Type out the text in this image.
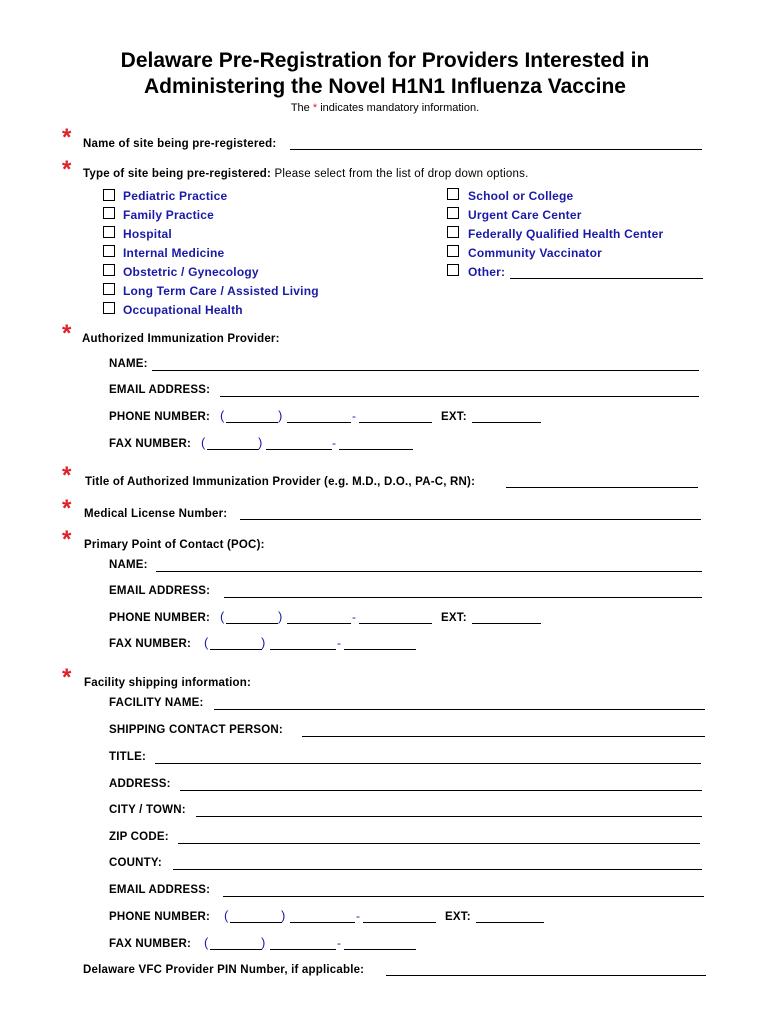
Delaware Pre-Registration for Providers Interested in
Administering the Novel H1N1 Influenza Vaccine
The * indicates mandatory information.
* Name of site being pre-registered:
* Type of site being pre-registered: Please select from the list of drop down options.
Pediatric Practice
Family Practice
Hospital
Internal Medicine
Obstetric / Gynecology
Long Term Care / Assisted Living
Occupational Health
School or College
Urgent Care Center
Federally Qualified Health Center
Community Vaccinator
Other:
* Authorized Immunization Provider:
NAME:
EMAIL ADDRESS:
PHONE NUMBER: (	)	-	EXT:
FAX NUMBER: (	)	-
* Title of Authorized Immunization Provider (e.g. M.D., D.O., PA-C, RN):
* Medical License Number:
* Primary Point of Contact (POC):
NAME:
EMAIL ADDRESS:
PHONE NUMBER: (	)	-	EXT:
FAX NUMBER: (	)	-
* Facility shipping information:
FACILITY NAME:
SHIPPING CONTACT PERSON:
TITLE:
ADDRESS:
CITY / TOWN:
ZIP CODE:
COUNTY:
EMAIL ADDRESS:
PHONE NUMBER: (	)	-	EXT:
FAX NUMBER: (	)	-
Delaware VFC Provider PIN Number, if applicable:
